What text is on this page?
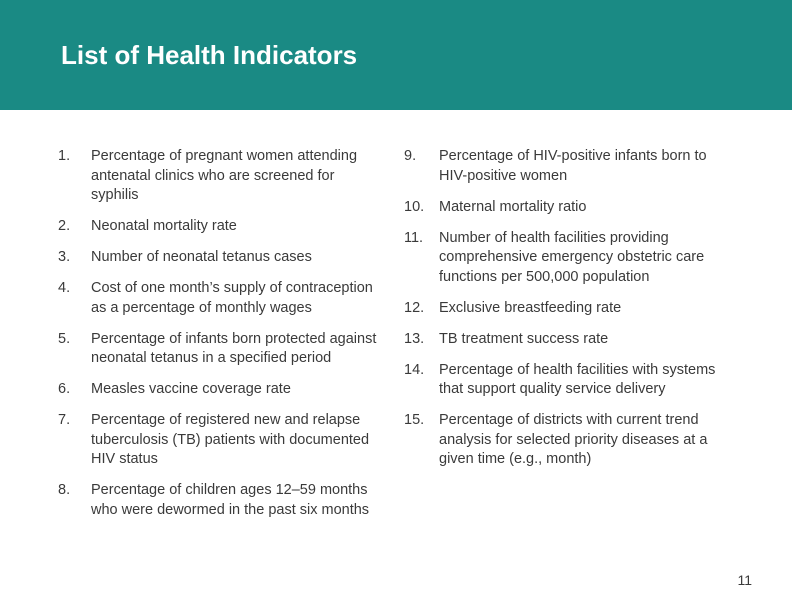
List of Health Indicators
1.	Percentage of pregnant women attending antenatal clinics who are screened for syphilis
2.	Neonatal mortality rate
3.	Number of neonatal tetanus cases
4.	Cost of one month’s supply of contraception as a percentage of monthly wages
5.	Percentage of infants born protected against neonatal tetanus in a specified period
6.	Measles vaccine coverage rate
7.	Percentage of registered new and relapse tuberculosis (TB) patients with documented HIV status
8.	Percentage of children ages 12–59 months who were dewormed in the past six months
9.	Percentage of HIV-positive infants born to HIV-positive women
10.	Maternal mortality ratio
11.	Number of health facilities providing comprehensive emergency obstetric care functions per 500,000 population
12.	Exclusive breastfeeding rate
13.	TB treatment success rate
14.	Percentage of health facilities with systems that support quality service delivery
15.	Percentage of districts with current trend analysis for selected priority diseases at a given time (e.g., month)
11
